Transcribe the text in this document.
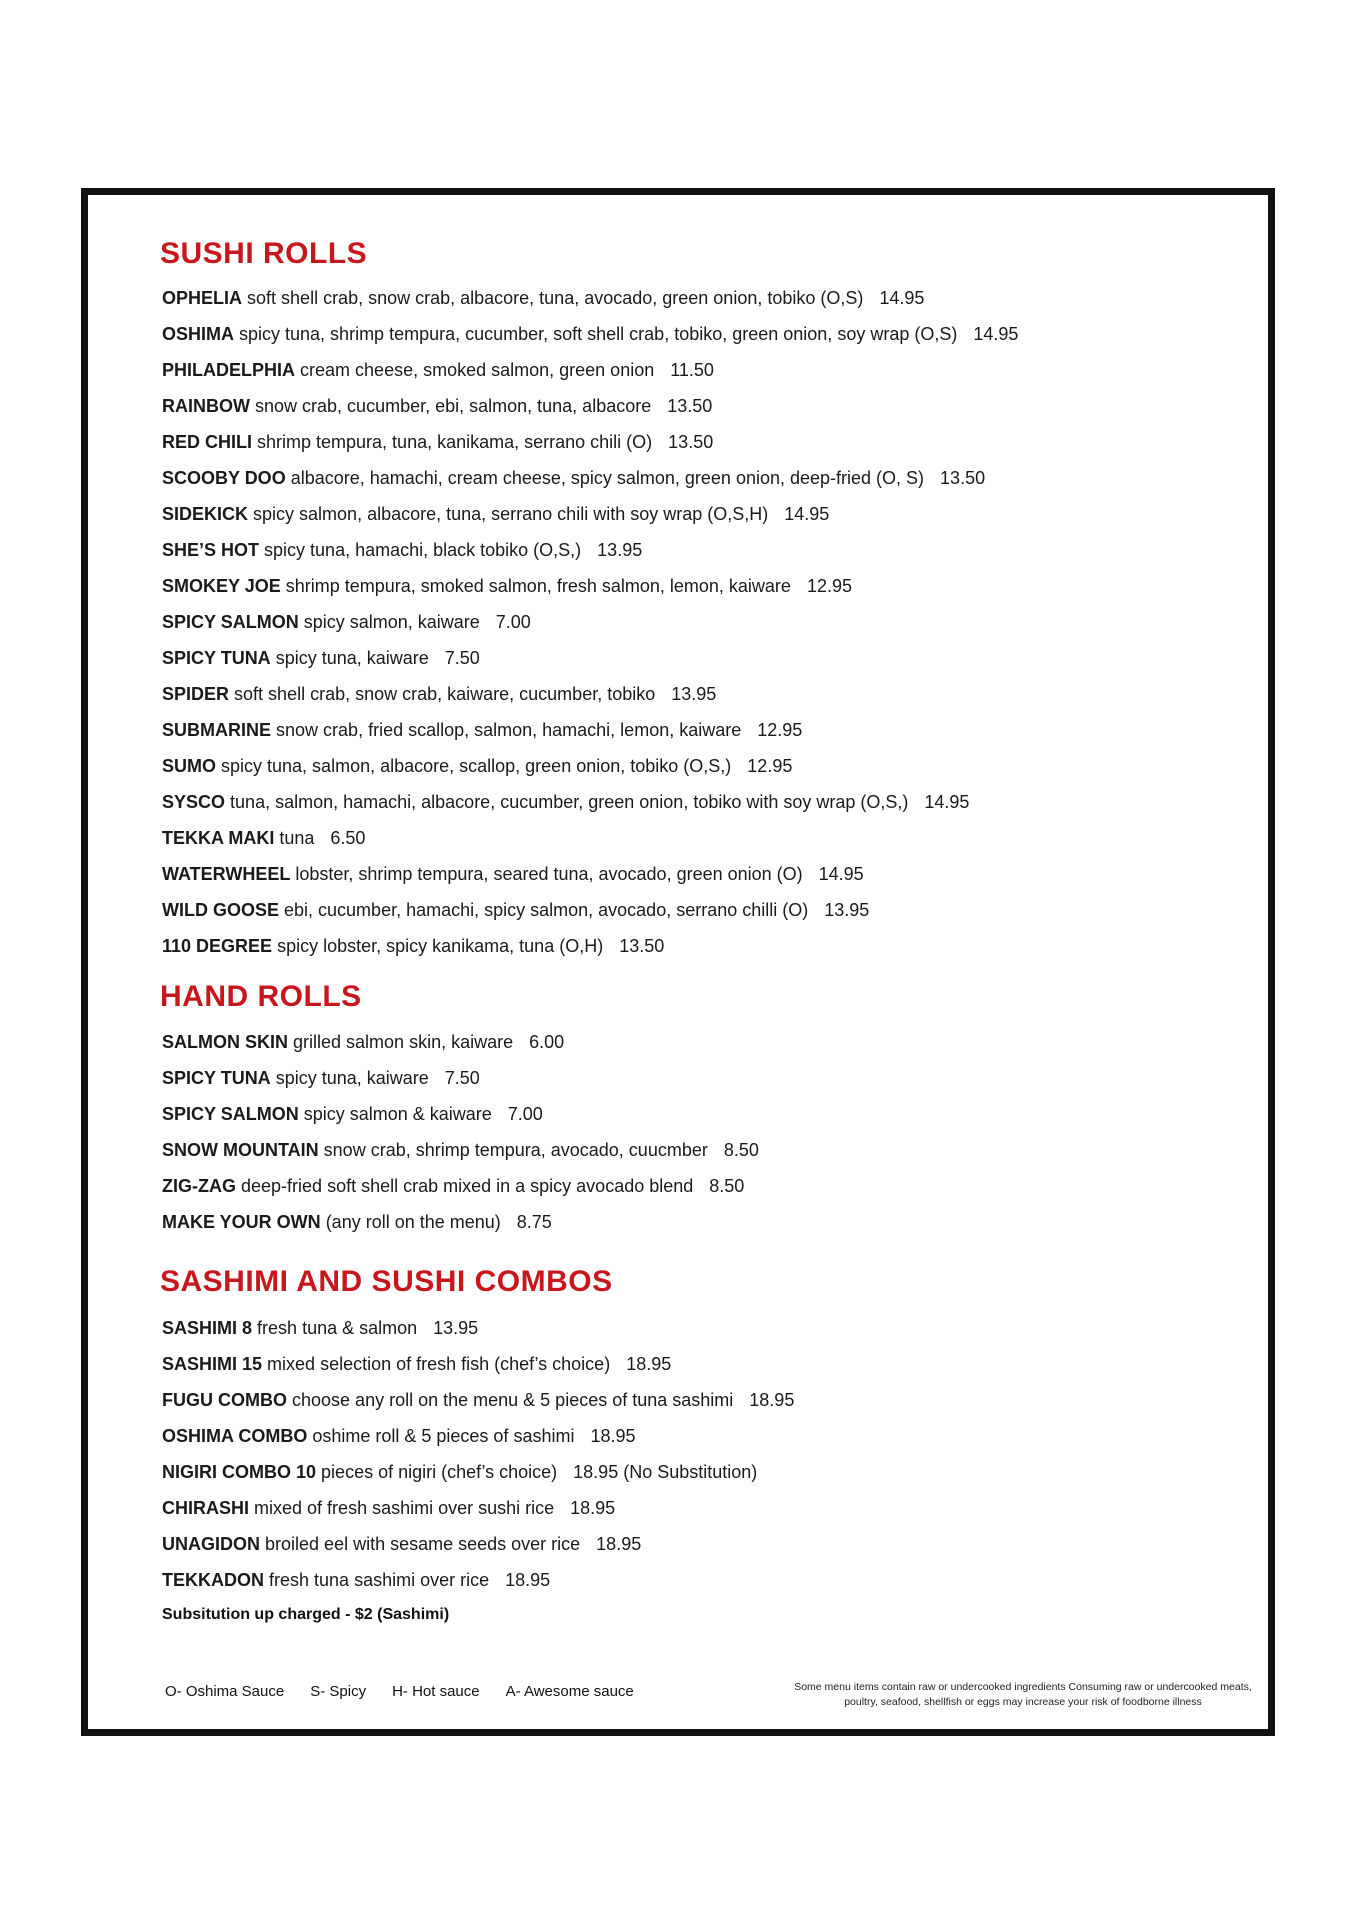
SUSHI ROLLS
OPHELIA soft shell crab, snow crab, albacore, tuna, avocado, green onion, tobiko (O,S) 14.95
OSHIMA spicy tuna, shrimp tempura, cucumber, soft shell crab, tobiko, green onion, soy wrap (O,S) 14.95
PHILADELPHIA cream cheese, smoked salmon, green onion 11.50
RAINBOW snow crab, cucumber, ebi, salmon, tuna, albacore 13.50
RED CHILI shrimp tempura, tuna, kanikama, serrano chili (O) 13.50
SCOOBY DOO albacore, hamachi, cream cheese, spicy salmon, green onion, deep-fried (O, S) 13.50
SIDEKICK spicy salmon, albacore, tuna, serrano chili with soy wrap (O,S,H) 14.95
SHE’S HOT spicy tuna, hamachi, black tobiko (O,S,) 13.95
SMOKEY JOE shrimp tempura, smoked salmon, fresh salmon, lemon, kaiware 12.95
SPICY SALMON spicy salmon, kaiware 7.00
SPICY TUNA spicy tuna, kaiware 7.50
SPIDER soft shell crab, snow crab, kaiware, cucumber, tobiko 13.95
SUBMARINE snow crab, fried scallop, salmon, hamachi, lemon, kaiware 12.95
SUMO spicy tuna, salmon, albacore, scallop, green onion, tobiko (O,S,) 12.95
SYSCO tuna, salmon, hamachi, albacore, cucumber, green onion, tobiko with soy wrap (O,S,) 14.95
TEKKA MAKI tuna 6.50
WATERWHEEL lobster, shrimp tempura, seared tuna, avocado, green onion (O) 14.95
WILD GOOSE ebi, cucumber, hamachi, spicy salmon, avocado, serrano chilli (O) 13.95
110 DEGREE spicy lobster, spicy kanikama, tuna (O,H) 13.50
HAND ROLLS
SALMON SKIN grilled salmon skin, kaiware 6.00
SPICY TUNA spicy tuna, kaiware 7.50
SPICY SALMON spicy salmon & kaiware 7.00
SNOW MOUNTAIN snow crab, shrimp tempura, avocado, cuucmber 8.50
ZIG-ZAG deep-fried soft shell crab mixed in a spicy avocado blend 8.50
MAKE YOUR OWN (any roll on the menu) 8.75
SASHIMI AND SUSHI COMBOS
SASHIMI 8 fresh tuna & salmon 13.95
SASHIMI 15 mixed selection of fresh fish (chef’s choice) 18.95
FUGU COMBO choose any roll on the menu & 5 pieces of tuna sashimi 18.95
OSHIMA COMBO oshime roll & 5 pieces of sashimi 18.95
NIGIRI COMBO 10 pieces of nigiri (chef’s choice) 18.95 (No Substitution)
CHIRASHI mixed of fresh sashimi over sushi rice 18.95
UNAGIDON broiled eel with sesame seeds over rice 18.95
TEKKADON fresh tuna sashimi over rice 18.95

Subsitution up charged - $2 (Sashimi)

O- Oshima Sauce S- Spicy H- Hot sauce A- Awesome sauce	Some menu items contain raw or undercooked ingredients Consuming raw or undercooked meats, poultry, seafood, shellfish or eggs may increase your risk of foodborne illness
